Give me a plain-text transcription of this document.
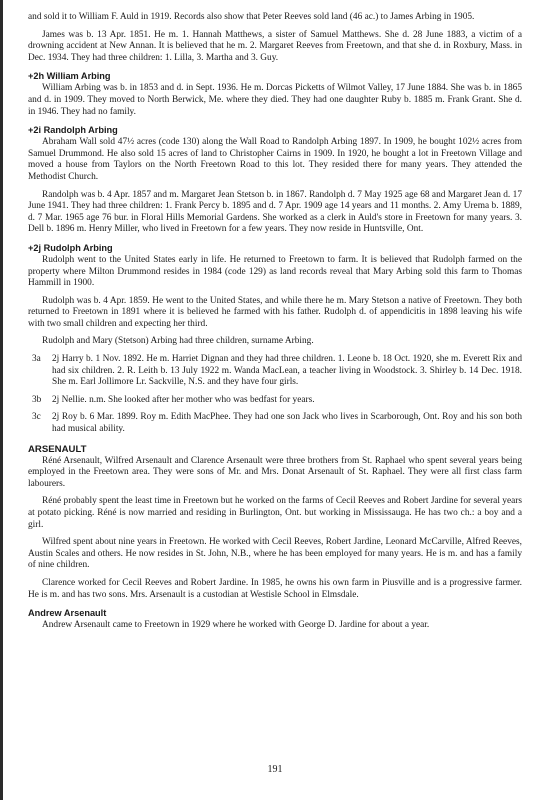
and sold it to William F. Auld in 1919. Records also show that Peter Reeves sold land (46 ac.) to James Arbing in 1905.

James was b. 13 Apr. 1851. He m. 1. Hannah Matthews, a sister of Samuel Matthews. She d. 28 June 1883, a victim of a drowning accident at New Annan. It is believed that he m. 2. Margaret Reeves from Freetown, and that she d. in Roxbury, Mass. in Dec. 1934. They had three children: 1. Lilla, 3. Martha and 3. Guy.

+2h William Arbing

William Arbing was b. in 1853 and d. in Sept. 1936. He m. Dorcas Picketts of Wilmot Valley, 17 June 1884. She was b. in 1865 and d. in 1909. They moved to North Berwick, Me. where they died. They had one daughter Ruby b. 1885 m. Frank Grant. She d. in 1946. They had no family.

+2i Randolph Arbing

Abraham Wall sold 47½ acres (code 130) along the Wall Road to Randolph Arbing 1897. In 1909, he bought 102½ acres from Samuel Drummond. He also sold 15 acres of land to Christopher Cairns in 1909. In 1920, he bought a lot in Freetown Village and moved a house from Taylors on the North Freetown Road to this lot. They resided there for many years. They attended the Methodist Church.

Randolph was b. 4 Apr. 1857 and m. Margaret Jean Stetson b. in 1867. Randolph d. 7 May 1925 age 68 and Margaret Jean d. 17 June 1941. They had three children: 1. Frank Percy b. 1895 and d. 7 Apr. 1909 age 14 years and 11 months. 2. Amy Urema b. 1889, d. 7 Mar. 1965 age 76 bur. in Floral Hills Memorial Gardens. She worked as a clerk in Auld's store in Freetown for many years. 3. Dell b. 1896 m. Henry Miller, who lived in Freetown for a few years. They now reside in Huntsville, Ont.

+2j Rudolph Arbing

Rudolph went to the United States early in life. He returned to Freetown to farm. It is believed that Rudolph farmed on the property where Milton Drummond resides in 1984 (code 129) as land records reveal that Mary Arbing sold this farm to Thomas Hammill in 1900.

Rudolph was b. 4 Apr. 1859. He went to the United States, and while there he m. Mary Stetson a native of Freetown. They both returned to Freetown in 1891 where it is believed he farmed with his father. Rudolph d. of appendicitis in 1898 leaving his wife with two small children and expecting her third.

Rudolph and Mary (Stetson) Arbing had three children, surname Arbing.

3a	2j Harry b. 1 Nov. 1892. He m. Harriet Dignan and they had three children. 1. Leone b. 18 Oct. 1920, she m. Everett Rix and had six children. 2. R. Leith b. 13 July 1922 m. Wanda MacLean, a teacher living in Woodstock. 3. Shirley b. 14 Dec. 1918. She m. Earl Jollimore Lr. Sackville, N.S. and they have four girls.
3b	2j Nellie. n.m. She looked after her mother who was bedfast for years.
3c	2j Roy b. 6 Mar. 1899. Roy m. Edith MacPhee. They had one son Jack who lives in Scarborough, Ont. Roy and his son both had musical ability.
ARSENAULT

Réné Arsenault, Wilfred Arsenault and Clarence Arsenault were three brothers from St. Raphael who spent several years being employed in the Freetown area. They were sons of Mr. and Mrs. Donat Arsenault of St. Raphael. They were all first class farm labourers.

Réné probably spent the least time in Freetown but he worked on the farms of Cecil Reeves and Robert Jardine for several years at potato picking. Réné is now married and residing in Burlington, Ont. but working in Mississauga. He has two ch.: a boy and a girl.

Wilfred spent about nine years in Freetown. He worked with Cecil Reeves, Robert Jardine, Leonard McCarville, Alfred Reeves, Austin Scales and others. He now resides in St. John, N.B., where he has been employed for many years. He is m. and has a family of nine children.

Clarence worked for Cecil Reeves and Robert Jardine. In 1985, he owns his own farm in Piusville and is a progressive farmer. He is m. and has two sons. Mrs. Arsenault is a custodian at Westisle School in Elmsdale.

Andrew Arsenault

Andrew Arsenault came to Freetown in 1929 where he worked with George D. Jardine for about a year.

191
